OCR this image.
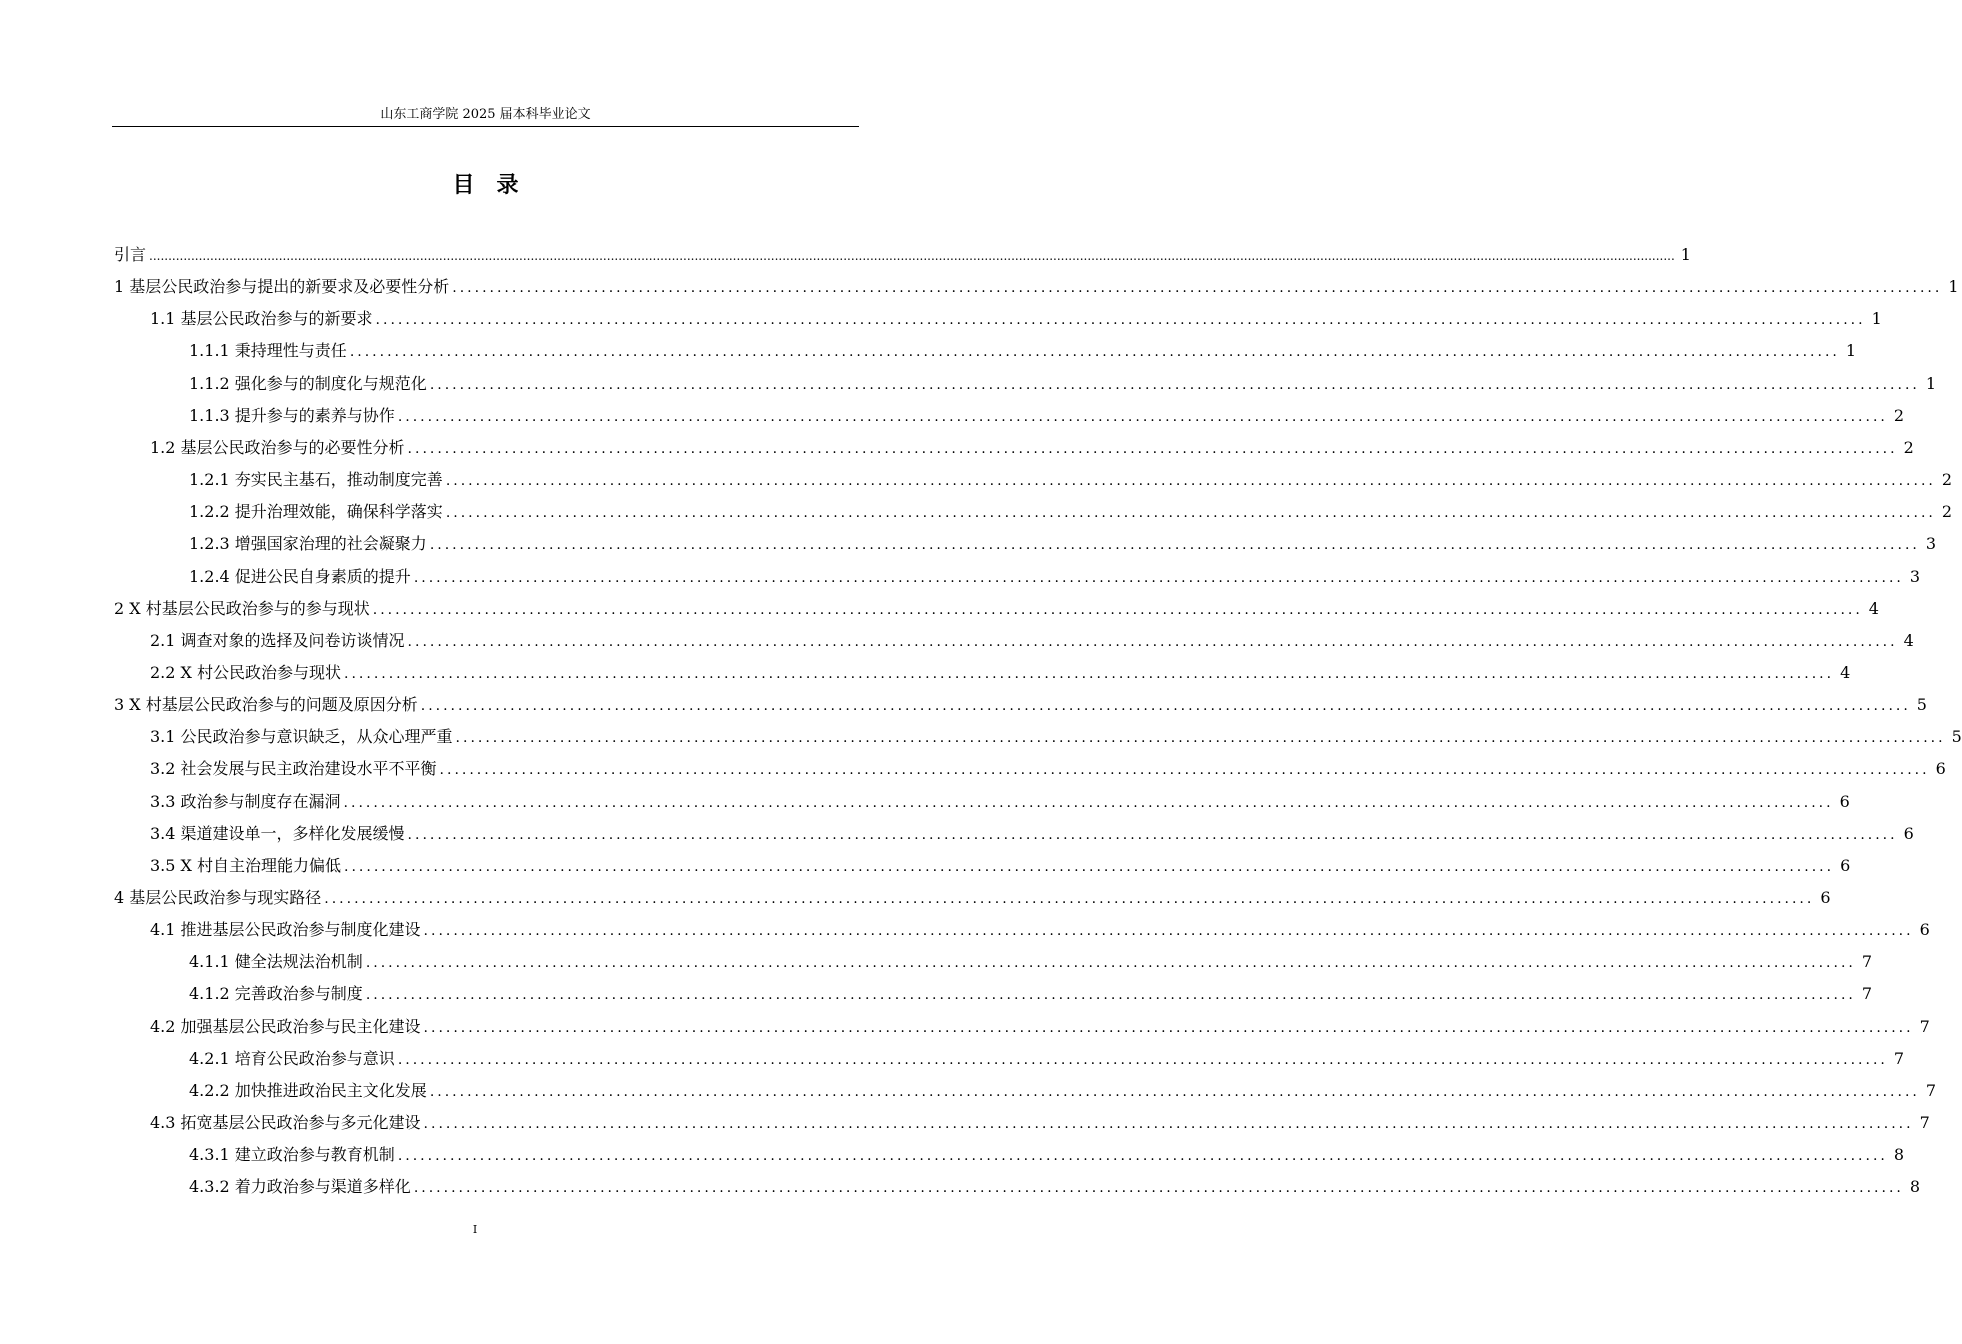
山东工商学院 2025 届本科毕业论文
目 录
引言 ................................................................................................................................................................................................................................................................................................................................................................................................................ 1
1 基层公民政治参与提出的新要求及必要性分析 ........................................................................................................................................................................................................ 1
1.1 基层公民政治参与的新要求 ........................................................................................................................................................................................................ 1
1.1.1 秉持理性与责任 ........................................................................................................................................................................................................ 1
1.1.2 强化参与的制度化与规范化 ........................................................................................................................................................................................................ 1
1.1.3 提升参与的素养与协作 ........................................................................................................................................................................................................ 2
1.2 基层公民政治参与的必要性分析 ........................................................................................................................................................................................................ 2
1.2.1 夯实民主基石，推动制度完善 ........................................................................................................................................................................................................ 2
1.2.2 提升治理效能，确保科学落实 ........................................................................................................................................................................................................ 2
1.2.3 增强国家治理的社会凝聚力 ........................................................................................................................................................................................................ 3
1.2.4 促进公民自身素质的提升 ........................................................................................................................................................................................................ 3
2 X 村基层公民政治参与的参与现状 ........................................................................................................................................................................................................ 4
2.1 调查对象的选择及问卷访谈情况 ........................................................................................................................................................................................................ 4
2.2 X 村公民政治参与现状 ........................................................................................................................................................................................................ 4
3 X 村基层公民政治参与的问题及原因分析 ........................................................................................................................................................................................................ 5
3.1 公民政治参与意识缺乏，从众心理严重 ........................................................................................................................................................................................................ 5
3.2 社会发展与民主政治建设水平不平衡 ........................................................................................................................................................................................................ 6
3.3 政治参与制度存在漏洞 ........................................................................................................................................................................................................ 6
3.4 渠道建设单一，多样化发展缓慢 ........................................................................................................................................................................................................ 6
3.5 X 村自主治理能力偏低 ........................................................................................................................................................................................................ 6
4 基层公民政治参与现实路径 ........................................................................................................................................................................................................ 6
4.1 推进基层公民政治参与制度化建设 ........................................................................................................................................................................................................ 6
4.1.1 健全法规法治机制 ........................................................................................................................................................................................................ 7
4.1.2 完善政治参与制度 ........................................................................................................................................................................................................ 7
4.2 加强基层公民政治参与民主化建设 ........................................................................................................................................................................................................ 7
4.2.1 培育公民政治参与意识 ........................................................................................................................................................................................................ 7
4.2.2 加快推进政治民主文化发展 ........................................................................................................................................................................................................ 7
4.3 拓宽基层公民政治参与多元化建设 ........................................................................................................................................................................................................ 7
4.3.1 建立政治参与教育机制 ........................................................................................................................................................................................................ 8
4.3.2 着力政治参与渠道多样化 ........................................................................................................................................................................................................ 8
I
